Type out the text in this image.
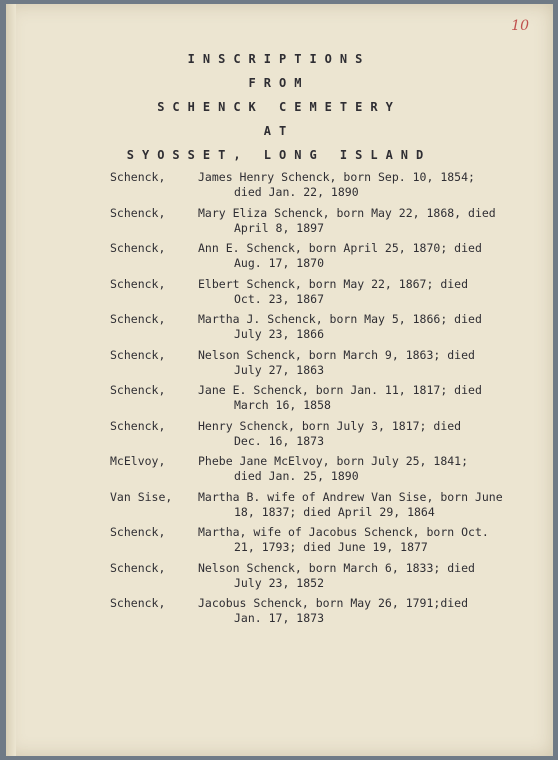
10
INSCRIPTIONS
FROM
SCHENCK CEMETERY
AT
SYOSSET, LONG ISLAND
Schenck,	James Henry Schenck, born Sep. 10, 1854;
died Jan. 22, 1890
Schenck,	Mary Eliza Schenck, born May 22, 1868, died
April 8, 1897
Schenck,	Ann E. Schenck, born April 25, 1870; died
Aug. 17, 1870
Schenck,	Elbert Schenck, born May 22, 1867; died
Oct. 23, 1867
Schenck,	Martha J. Schenck, born May 5, 1866; died
July 23, 1866
Schenck,	Nelson Schenck, born March 9, 1863; died
July 27, 1863
Schenck,	Jane E. Schenck, born Jan. 11, 1817; died
March 16, 1858
Schenck,	Henry Schenck, born July 3, 1817; died
Dec. 16, 1873
McElvoy,	Phebe Jane McElvoy, born July 25, 1841;
died Jan. 25, 1890
Van Sise,	Martha B. wife of Andrew Van Sise, born June
18, 1837; died April 29, 1864
Schenck,	Martha, wife of Jacobus Schenck, born Oct.
21, 1793; died June 19, 1877
Schenck,	Nelson Schenck, born March 6, 1833; died
July 23, 1852
Schenck,	Jacobus Schenck, born May 26, 1791;died
Jan. 17, 1873
